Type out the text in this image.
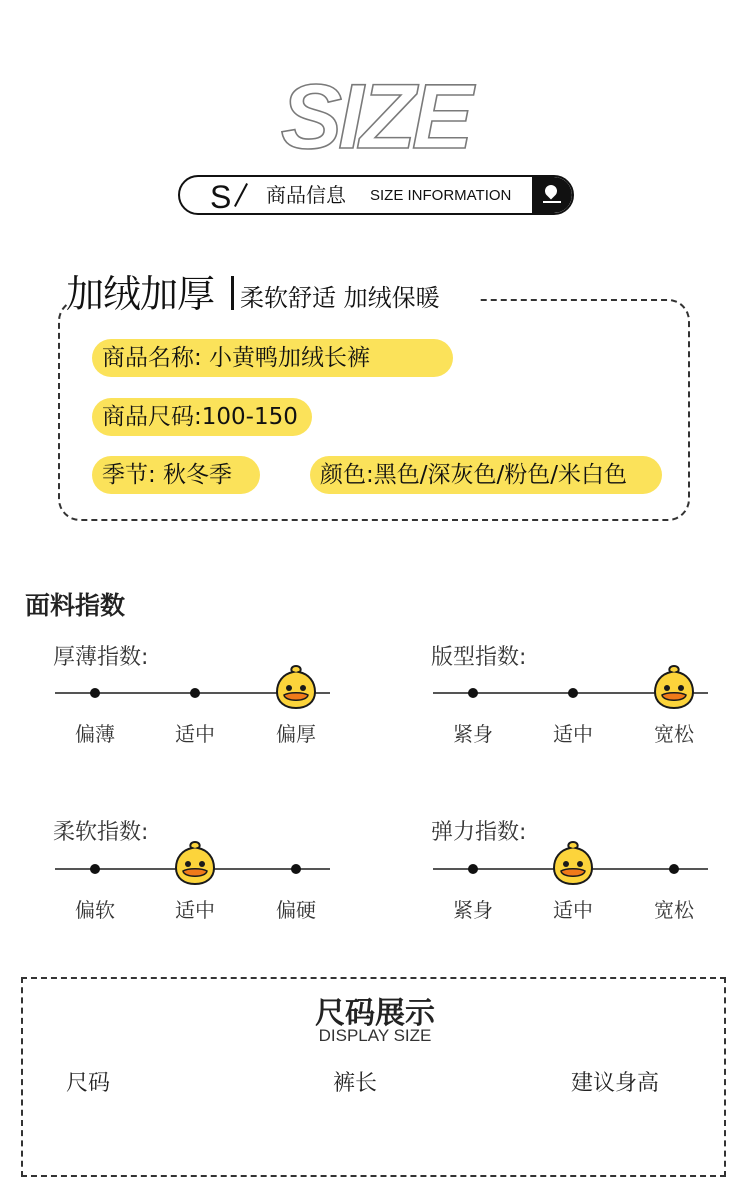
SIZE
S 商品信息 SIZE INFORMATION
加绒加厚 柔软舒适 加绒保暖
商品名称: 小黄鸭加绒长裤
商品尺码:100-150
季节: 秋冬季	颜色:黑色/深灰色/粉色/米白色
面料指数
厚薄指数:
偏薄	适中	偏厚
版型指数:
紧身	适中	宽松
柔软指数:
偏软	适中	偏硬
弹力指数:
紧身	适中	宽松
尺码展示
DISPLAY SIZE
尺码	裤长	建议身高
